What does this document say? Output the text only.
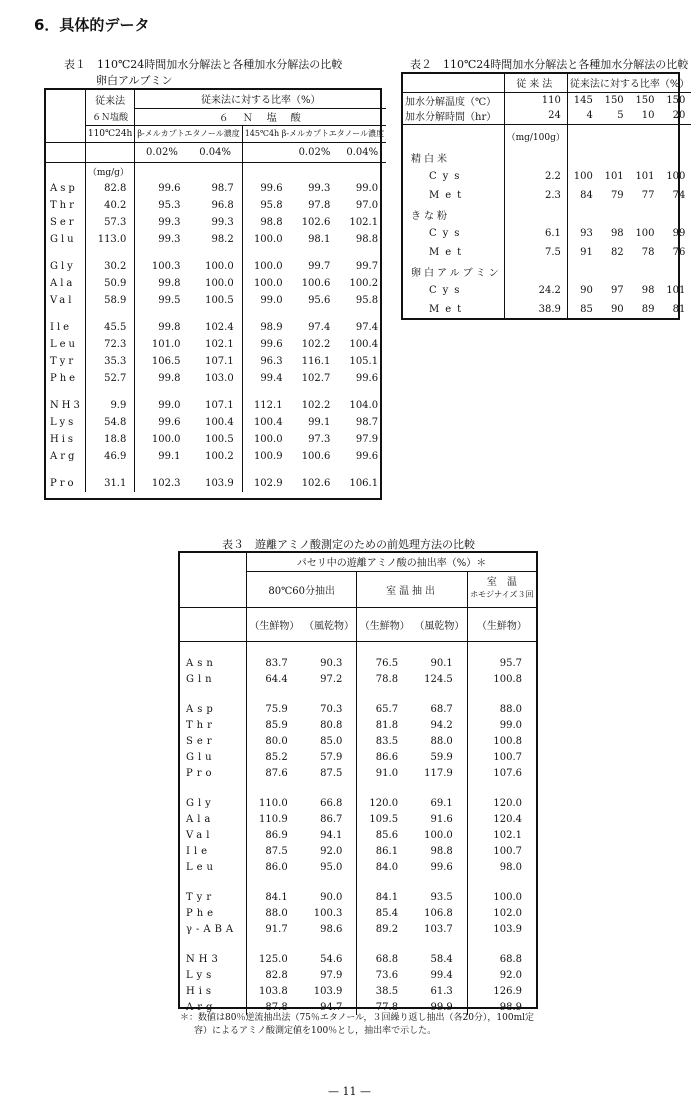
6．具体的データ
表１　110℃24時間加水分解法と各種加水分解法の比較
卵白アルブミン
	従来法	従来法に対する比率（%）				
	６Ｎ塩酸	６　Ｎ　塩　酸				
	110℃24h	β-メルカプトエタノール濃度		145℃4h β-メルカプトエタノール濃度		
		0.02%	0.04%		0.02%	0.04%
	（mg/g）					
Asp	82.8	99.6	98.7	99.6	99.3	99.0
Thr	40.2	95.3	96.8	95.8	97.8	97.0
Ser	57.3	99.3	99.3	98.8	102.6	102.1
Glu	113.0	99.3	98.2	100.0	98.1	98.8

Gly	30.2	100.3	100.0	100.0	99.7	99.7
Ala	50.9	99.8	100.0	100.0	100.6	100.2
Val	58.9	99.5	100.5	99.0	95.6	95.8

Ile	45.5	99.8	102.4	98.9	97.4	97.4
Leu	72.3	101.0	102.1	99.6	102.2	100.4
Tyr	35.3	106.5	107.1	96.3	116.1	105.1
Phe	52.7	99.8	103.0	99.4	102.7	99.6

NH3	9.9	99.0	107.1	112.1	102.2	104.0
Lys	54.8	99.6	100.4	100.4	99.1	98.7
His	18.8	100.0	100.5	100.0	97.3	97.9
Arg	46.9	99.1	100.2	100.9	100.6	99.6

Pro	31.1	102.3	103.9	102.9	102.6	106.1
表２　110℃24時間加水分解法と各種加水分解法の比較
	従来法	従来法に対する比率（%）			
加水分解温度（℃）	110	145	150	150	150
加水分解時間（hr）	24	4	5	10	20
	（mg/100g）				
精白米					
Cys	2.2	100	101	101	100
Met	2.3	84	79	77	74
きな粉					
Cys	6.1	93	98	100	99
Met	7.5	91	82	78	76
卵白アルブミン					
Cys	24.2	90	97	98	101
Met	38.9	85	90	89	81
表３　遊離アミノ酸測定のための前処理方法の比較
	パセリ中の遊離アミノ酸の抽出率（%）＊				
	80℃60分抽出		室温抽出		室　温
ホモジナイズ３回

	（生鮮物）	（風乾物）	（生鮮物）	（風乾物）	（生鮮物）

Asn	83.7	90.3	76.5	90.1	95.7
Gln	64.4	97.2	78.8	124.5	100.8

Asp	75.9	70.3	65.7	68.7	88.0
Thr	85.9	80.8	81.8	94.2	99.0
Ser	80.0	85.0	83.5	88.0	100.8
Glu	85.2	57.9	86.6	59.9	100.7
Pro	87.6	87.5	91.0	117.9	107.6

Gly	110.0	66.8	120.0	69.1	120.0
Ala	110.9	86.7	109.5	91.6	120.4
Val	86.9	94.1	85.6	100.0	102.1
Ile	87.5	92.0	86.1	98.8	100.7
Leu	86.0	95.0	84.0	99.6	98.0

Tyr	84.1	90.0	84.1	93.5	100.0
Phe	88.0	100.3	85.4	106.8	102.0
γ-ABA	91.7	98.6	89.2	103.7	103.9

NH3	125.0	54.6	68.8	58.4	68.8
Lys	82.8	97.9	73.6	99.4	92.0
His	103.8	103.9	38.5	61.3	126.9
Arg	87.8	94.7	77.8	99.9	98.9
＊：数値は80％逆流抽出法（75％エタノール，３回繰り返し抽出（各20分），100ml定
容）によるアミノ酸測定値を100％とし，抽出率で示した。
— 11 —
